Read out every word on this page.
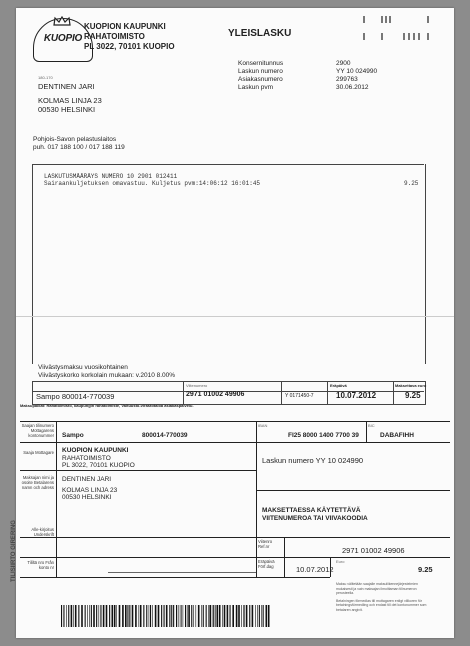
KUOPIO
KUOPION KAUPUNKI
RAHATOIMISTO
PL 3022, 70101 KUOPIO
YLEISLASKU
180-170
DENTINEN JARI
KOLMAS LINJA 23
00530 HELSINKI
Konsernitunnus	2900
Laskun numero	YY 10 024990
Asiakasnumero	299763
Laskun pvm	30.06.2012
Pohjois-Savon pelastuslaitos
puh. 017 188 100 / 017 188 119
LASKUTUSMÄÄRÄYS NUMERO 10 2901 012411
Sairaankuljetuksen omavastuu. Kuljetus pvm:14:06:12 16:01:45	9.25
Viivästysmaksu vuosikohtainen
Viivästyskorko korkolain mukaan: v.2010 8.00%
Sampo 800014-770039
Viitenumero
2971 01002 49906	Y 0171450-7
Eräpäivä
10.07.2012
Maksettava euro
9.25
Maksupaikat: Rahatoimisto, kaupungin rahatoimiste, Valtuusto-virastotaloa asiakaspalvelu.
Saajan tilinumero Mottagarens kontonummer Sampo	800014-770039
IBAN
FI25 8000 1400 7700 39
BIC
DABAFIHH
Saaja Mottagare KUOPION KAUPUNKI
RAHATOIMISTO
PL 3022, 70101 KUOPIO
Laskun numero YY 10 024990
Maksajan nimi ja osoite Betalarens namn och adress
TILISIIRTO GIRERING
DENTINEN JARI
KOLMAS LINJA 23
00530 HELSINKI
MAKSETTAESSA KÄYTETTÄVÄ
VIITENUMEROA TAI VIIVAKOODIA
Alle-kirjoitus Underskrift
Viitenro Ref.nr	2971 01002 49906
Tililtä nro Från konto nr
Eräpäivä Förf.dag	10.07.2012
Euro
9.25
Maksu välitetään saajalle maksuliikennejärjestelmien mukaisesti ja vain maksajan ilmoittaman tilinumeron perusteella.
Betalningen förmedlas till mottagaren enligt villkoren för betalningsförmedling och endast till det kontonummer som betalaren angivit.
